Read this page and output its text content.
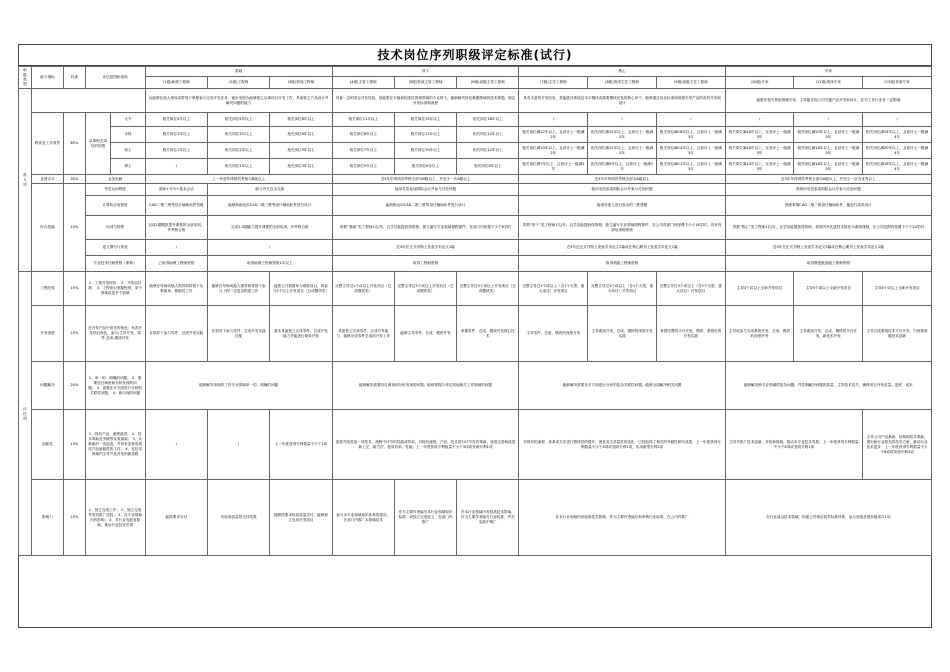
技术岗位序列职级评定标准(试行)
职级类型	能力指标	权重	评估范围和视角		基础			骨干			核心			专家		
					(1级)助理工程师	(2级)工程师	(3级)资深工程师	(4级)主管工程师	(5级)资深主管工程师	(6级)高级主管工程师	(7级)主任工程师	(8级)资深主任工程师	(9级)高级主任工程师	(10级)专家	(11级)资深专家	(12级)首席专家
准入项					从能够在他人指导或带领下掌握参与完成开发任务，逐步发展为能够独立从事项目开发工作，具备独立产品设计并解决问题的能力			具备一定的项目开发经验，是能胜任平稳和构造性资源领域的专业骨干，能够解决涉及难题领域的技术难题，制定开发标准和流程			具有丰富的开发经验，是能胜任系统及本平模块或重要模块开发的核心骨干，能够通过优化标准和规程引导产品的高效开发和设计			能胜任相关系统领域专家，主导能实现公司关键产品开发和设计，在对工作行业有一定影响		
	教育及工作背景	60%	从事相关岗位的年限	大专	相关岗位4年以上	相关岗位5年以上	相关岗位8年以上	相关岗位11年以上	相关岗位15年以上	相关岗位18年以上	/	/	/	/	/	/
				本科	相关岗位2年以上	相关岗位3年以上	相关岗位6年以上	相关岗位8年以上	相关岗位12年以上	相关岗位15年以上	相关岗位满12年以上，且获评上一级满2年	相关岗位满15年以上，且获评上一级满2年	相关岗位满18年以上，且获评上一级满3年	相关岗位满18年以上，且获评上一级满3年	相关岗位满20年以上，且获评上一级满3年	相关岗位满24年以上，且获评上一级满4年
				硕士	相关岗位1年以上	相关岗位2年以上	相关岗位5年以上	相关岗位7年以上	相关岗位10年以上	相关岗位12年以上	相关岗位满10年以上，且获评上一级满2年	相关岗位满12年以上，且获评上一级满2年	相关岗位满14年以上，且获评上一级满3年	相关岗位满16年以上，且获评上一级满3年	相关岗位满18年以上，且获评上一级满3年	相关岗位满20年以上，且获评上一级满4年
				博士	/	相关岗位1年以上	相关岗位3年以上	相关岗位5年以上	相关岗位6年以上	相关岗位8年以上	相关岗位满7年以上，且获评上一级满2年	相关岗位满9年以上，且获评上一级满2年	相关岗位满11年以上，且获评上一级满3年	相关岗位满14年以上，且获评上一级满3年	相关岗位满16年以上，且获评上一级满3年	相关岗位满18年以上，且获评上一级满4年
	业绩水平	30%	业务贡献		上一年度年终绩效考核为B级以上			近3年年终绩效考核全部为B级以上，并至少一次A级以上			近3年年终绩效考核全部为A级以上			近3年年终绩效考核全部为A级以上，并至少一次为优秀以上		
	综合技能	10%	外语运用程度		阅读+写写+基本会话	能与外方自由交流		能用英语参加国际会议并参与讨论问题			能用英语参加国际会议并参与讨论问题			熟练用英语参加国际会议并参与讨论问题		
			计算机应用程度		CAD二维三维等设计辅助软件初级	能够熟练运用CAD二维三维等设计辅助软件进行设计		能熟练运用CAD二维三维等设计辅助软件进行设计			能指导他人进行复杂的三维建模			熟练掌握CAD二维三维设计辅助软件，能进行高效设计		
			培训与带教		完成1期模拟提升课程的全部培训，并考核合格	完成2-3期能力提升课程的全部培训，并考核合格		带教“基础”类工程师1名/年，且学员能提获得资格；独立编写专业领域课程课件，在部门内授课不少于8学时			带教“骨干”类工程师1名/年，且学员能提获得资格；独立编写专业领域课程课件，在公司或部门内授课不少于16学时，具有内部培训师资格			带教“核心”类工程师1名/年，且学员能提获得资格；将国内外先进技术转化为系统课程，在公司范围内授课不少于24学时		
			论文撰写与发表		/	/		近3年在正式刊物上发表学术论文1篇			近3年在正式刊物上发表学术论文2篇或在核心期刊上发表学术论文1篇			近3年在正式刊物上发表学术论文3篇或在核心期刊上发表学术论文2篇		
			专业技术任职资格（职称）		已取得助理工程师资格	取得助理工程师资格1年以上		取得工程师资格			取得高级工程师资格			取得教授级高级工程师资格		
评估项	工程经验	15%	1、工程开发经验： 2、开发项目数； 3、工程知识掌握程度，单个领域或是多个领域		能够在导师或他人指导和带领下从事简单、基础性工作	能够在导师或他人指导和带领下参与工程一定复杂程度工作	能独立开展简单与难度项目，或参与5个以上开发项目（总或模块类）	完整主导过1个或以上开发项目（总或模块类）	完整主导过3个或以上开发项目（总或模块类）	完整主导过5个或以上开发项目（总或模块类）	完整主导过2个或以上（含1个大型、重大项目）开发项目	完整主导过3个或以上（含1个大型、重大项目）开发项目	完整主导过5个或以上（含2个大型、重大项目）开发项目	主导3个或以上全新开发项目	主导5个或以上全新开发项目	主导8个或以上全新开发项目
	开发深度	15%	在开发产品中担任的角色；负责开发项目角色，参与/主导开发，零件-总成-模块开发		在指导下参与零件、总成开发实践	在指导下参与零件、总成开发实践匹配	基本具备独立完成零件、总成开发能力并能进行简单开发	具备独立完成零件、总成开发能力，能够完成零件总成的开发工作	能够主导零件、总成、模块开发	掌握零件、总成、模块开发核心技术	主导零件、总成、模块的深度开发	主导系统开发，总成、模块的深度开发实践	掌握完整的平台开发，模块、系统化的开发实践	主导或参与完成系统开发，总成、模块的深度开发	主导系统开发，总成、模块的平台开发，新技术开发	主导总成系统技术平台开发，引领系统级技术创新
	问题解决	20%	1、单一的、明确的问题； 2、需要经过调查和分析发现的问题； 3、需要在多方面进行分析的关联性问题； 4、新出现的问题		能够解决单独的工作专业领域单一的、明确的问题			能够解决需要经过调查和分析发现的问题；能够掌握与考虑其他相关工作领域的问题			能够解决需要在多方面进行分析的复杂关联性问题，能够全面解决相关问题			能够解决跨专业领域的复杂问题，并控制解决问题的质量，主导技术攻关，确保项目开发质量、进度、成本		
	创新性	15%	1、现有产品、流程改进； 2、技术革新及突破等实验探索； 3、从事新的一类创造，并带来显著成果或产品新颖性的工作； 4、在技术领域内主导产品开发的新思路		/	/	上一年度获得专利数量不少于1项	加强并改进某一项技术、流程中环节的性能或效率；对现有流程、产品、技术进行环节性的革新，接受完善和改进新工艺、新方法、提高效率，性能；上一年度获得专利数量不少于3项或发明专利1项			对现有的流程、体系或方法进行整体性的提升，使其发生质量性的变化；已经取得了相关的突破性研究成果；上一年度获得专利数量不少于4项或发明专利1项，实用新型专利2项			主导并推广技术创新，开拓新领域，推动本专业技术发展；上一年度获得专利数量不少于4项或发明专利1项		主导公司产品系统、结构和技术革新，提出和行业领先的技术方案，推动行业技术进步；上一年度获得专利数量不少于6项或发明专利3项
	影响力	15%	1、独立完成工作； 2、独立完成并有效推广经验； 3、在专业领域内有影响； 4、对行业发展有影响，推动行业技术引领		能按要求交付	有较高质量的交付结果	能够按要求较高质量交付，能够独立完成开发项目	参与本专业领域知识体系的建设，在部门内推广本领域技术	作为主要作者编写本行业领域知识标准，或独立完成论文，在部门内推广	在本行业领域内有较高技术影响，作为主要作者编写行业标准，并在实践中推广	在本行业领域内有较高技术影响，作为主要作者编写和审核行业标准，在公司内推广			在行业前沿技术领域，构建公司相应技术标准体系，参与省级及国家级项目1项		
